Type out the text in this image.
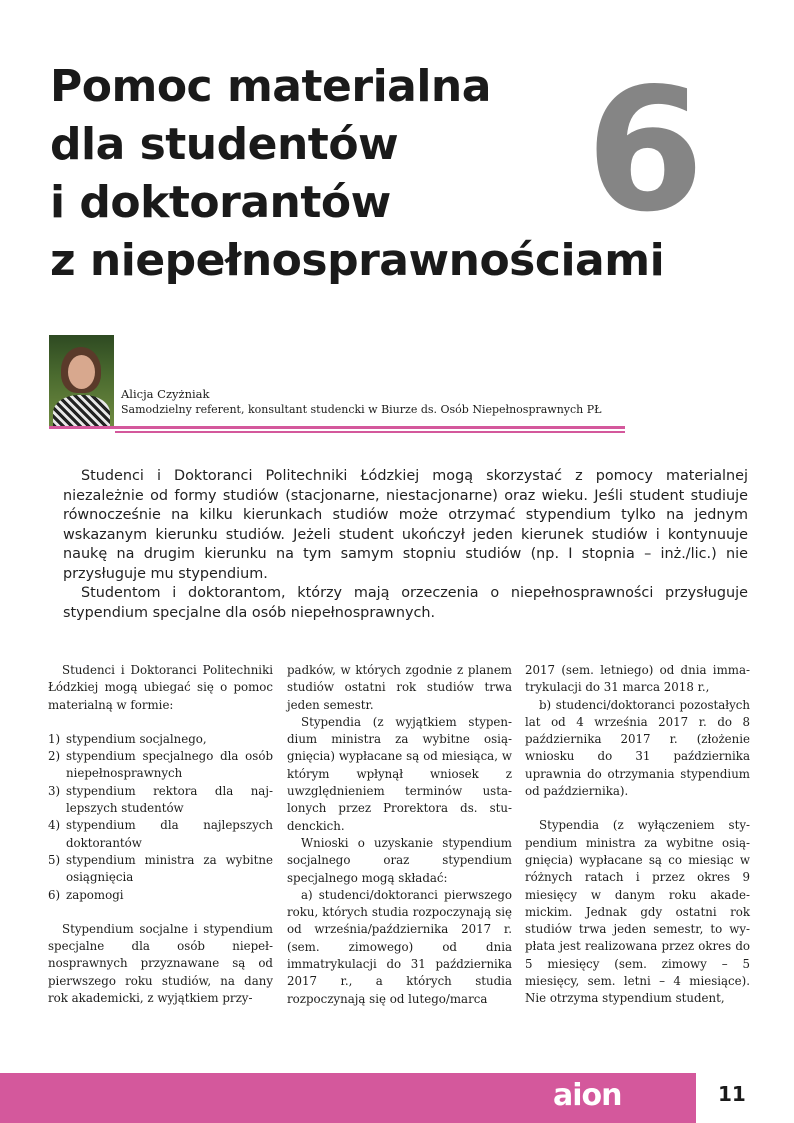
Pomoc materialna
dla studentów
i doktorantów
z niepełnosprawnościami
6
Alicja Czyżniak
Samodzielny referent, konsultant studencki w Biurze ds. Osób Niepełnosprawnych PŁ

Studenci i Doktoranci Politechniki Łódzkiej mogą skorzystać z pomocy materialnej niezależnie od formy studiów (stacjonarne, niestacjonarne) oraz wieku. Jeśli student studiuje równocześnie na kilku kierunkach studiów może otrzymać stypendium tylko na jednym wskazanym kierunku studiów. Jeżeli student ukończył jeden kierunek studiów i kontynuuje naukę na drugim kierunku na tym samym stopniu studiów (np. I stopnia – inż./lic.) nie przysługuje mu stypendium.

Studentom i doktorantom, którzy mają orzeczenia o niepełnosprawności przysługuje stypendium specjalne dla osób niepełnosprawnych.

Studenci i Doktoranci Politechniki Łódzkiej mogą ubiegać się o pomoc materialną w formie:

1) stypendium socjalnego,
2) stypendium specjalnego dla osób niepełnosprawnych
3) stypendium rektora dla najlepszych studentów
4) stypendium dla najlepszych doktorantów
5) stypendium ministra za wybitne osiągnięcia
6) zapomogi

Stypendium socjalne i stypendium specjalne dla osób niepełnosprawnych przyznawane są od pierwszego roku studiów, na dany rok akademicki, z wyjątkiem przy-

padków, w których zgodnie z planem studiów ostatni rok studiów trwa jeden semestr.

Stypendia (z wyjątkiem stypendium ministra za wybitne osiągnięcia) wypłacane są od miesiąca, w którym wpłynął wniosek z uwzględnieniem terminów ustalonych przez Prorektora ds. studenckich.

Wnioski o uzyskanie stypendium socjalnego oraz stypendium specjalnego mogą składać:

a) studenci/doktoranci pierwszego roku, których studia rozpoczynają się od września/października 2017 r. (sem. zimowego) od dnia immatrykulacji do 31 października 2017 r., a których studia rozpoczynają się od lutego/marca

2017 (sem. letniego) od dnia immatrykulacji do 31 marca 2018 r.,

b) studenci/doktoranci pozostałych lat od 4 września 2017 r. do 8 października 2017 r. (złożenie wniosku do 31 października uprawnia do otrzymania stypendium od października).

Stypendia (z wyłączeniem stypendium ministra za wybitne osiągnięcia) wypłacane są co miesiąc w różnych ratach i przez okres 9 miesięcy w danym roku akademickim. Jednak gdy ostatni rok studiów trwa jeden semestr, to wypłata jest realizowana przez okres do 5 miesięcy (sem. zimowy – 5 miesięcy, sem. letni – 4 miesiące). Nie otrzyma stypendium student,

aion	11
